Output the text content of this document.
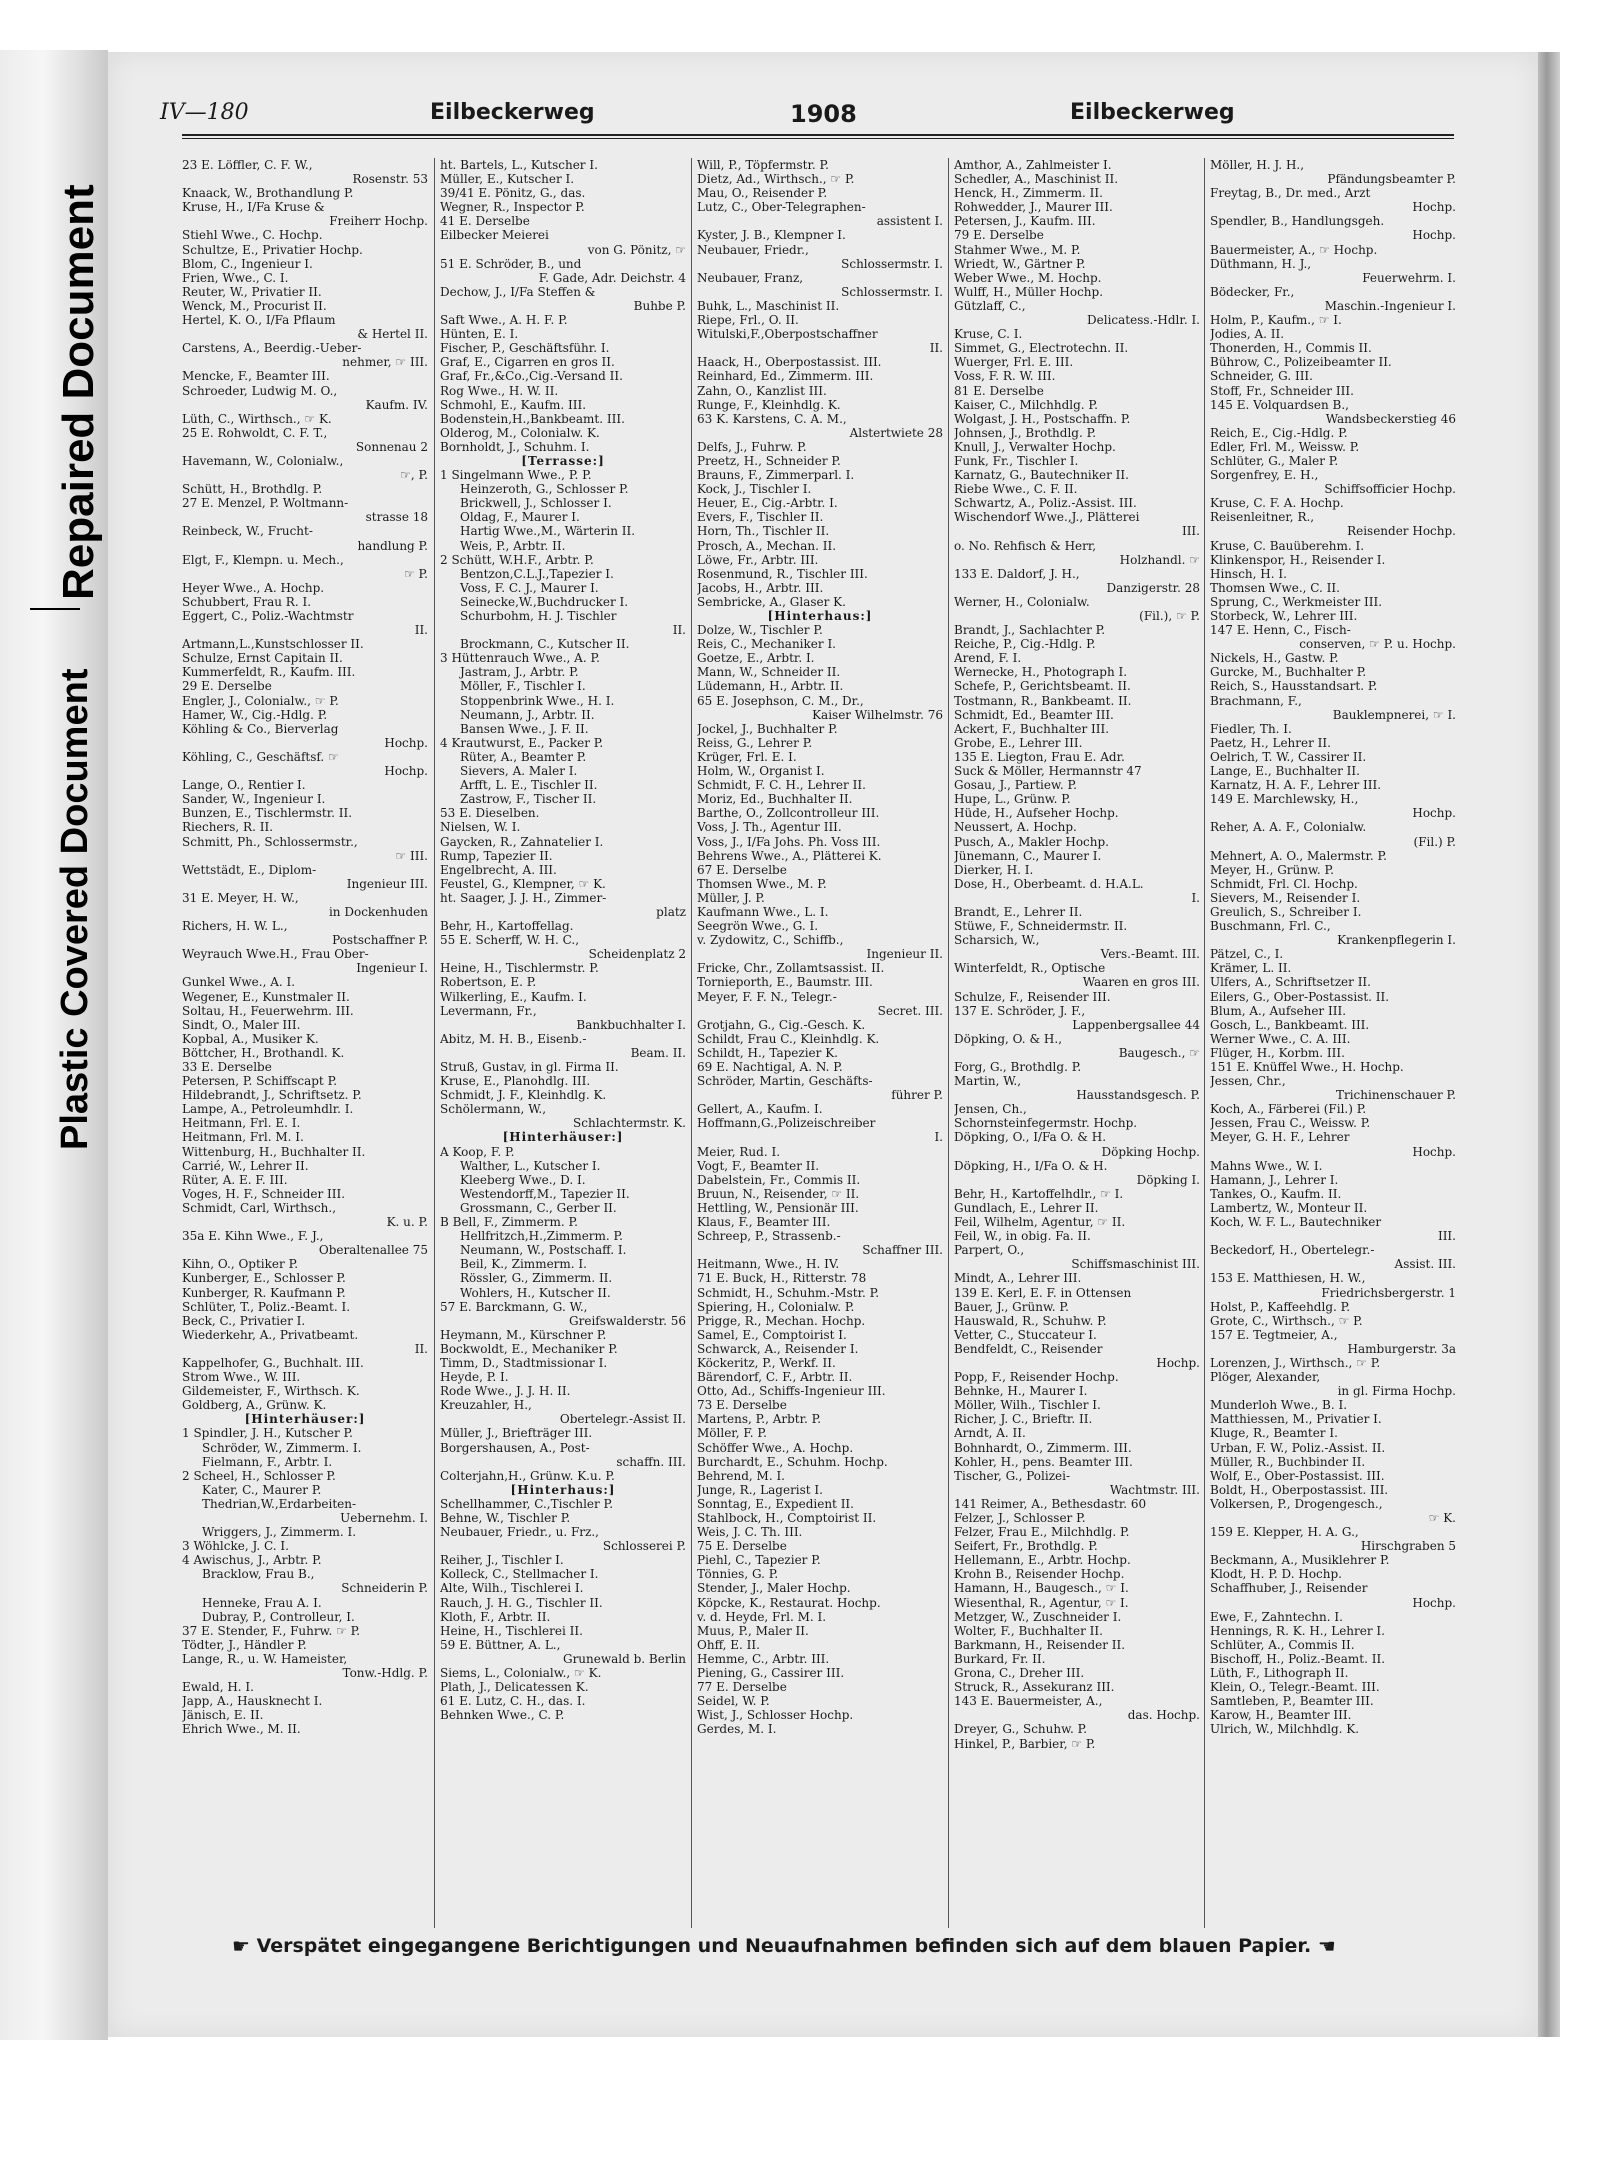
Repaired Document
Plastic Covered Document
IV—180	Eilbeckerweg	1908	Eilbeckerweg
23 E. Löffler, C. F. W.,
Rosenstr. 53
Knaack, W., Brothandlung P.
Kruse, H., I/Fa Kruse &
Freiherr Hochp.
Stiehl Wwe., C. Hochp.
Schultze, E., Privatier Hochp.
Blom, C., Ingenieur I.
Frien, Wwe., C. I.
Reuter, W., Privatier II.
Wenck, M., Procurist II.
Hertel, K. O., I/Fa Pflaum
& Hertel II.
Carstens, A., Beerdig.-Ueber-
nehmer, ☞ III.
Mencke, F., Beamter III.
Schroeder, Ludwig M. O.,
Kaufm. IV.
Lüth, C., Wirthsch., ☞ K.
25 E. Rohwoldt, C. F. T.,
Sonnenau 2
Havemann, W., Colonialw.,
☞, P.
Schütt, H., Brothdlg. P.
27 E. Menzel, P. Woltmann-
strasse 18
Reinbeck, W., Frucht-
handlung P.
Elgt, F., Klempn. u. Mech.,
☞ P.
Heyer Wwe., A. Hochp.
Schubbert, Frau R. I.
Eggert, C., Poliz.-Wachtmstr
II.
Artmann,L.,Kunstschlosser II.
Schulze, Ernst Capitain II.
Kummerfeldt, R., Kaufm. III.
29 E. Derselbe
Engler, J., Colonialw., ☞ P.
Hamer, W., Cig.-Hdlg. P.
Köhling & Co., Bierverlag
Hochp.
Köhling, C., Geschäftsf. ☞
Hochp.
Lange, O., Rentier I.
Sander, W., Ingenieur I.
Bunzen, E., Tischlermstr. II.
Riechers, R. II.
Schmitt, Ph., Schlossermstr.,
☞ III.
Wettstädt, E., Diplom-
Ingenieur III.
31 E. Meyer, H. W.,
in Dockenhuden
Richers, H. W. L.,
Postschaffner P.
Weyrauch Wwe.H., Frau Ober-
Ingenieur I.
Gunkel Wwe., A. I.
Wegener, E., Kunstmaler II.
Soltau, H., Feuerwehrm. III.
Sindt, O., Maler III.
Kopbal, A., Musiker K.
Böttcher, H., Brothandl. K.
33 E. Derselbe
Petersen, P. Schiffscapt P.
Hildebrandt, J., Schriftsetz. P.
Lampe, A., Petroleumhdlr. I.
Heitmann, Frl. E. I.
Heitmann, Frl. M. I.
Wittenburg, H., Buchhalter II.
Carrié, W., Lehrer II.
Rüter, A. E. F. III.
Voges, H. F., Schneider III.
Schmidt, Carl, Wirthsch.,
K. u. P.
35a E. Kihn Wwe., F. J.,
Oberaltenallee 75
Kihn, O., Optiker P.
Kunberger, E., Schlosser P.
Kunberger, R. Kaufmann P.
Schlüter, T., Poliz.-Beamt. I.
Beck, C., Privatier I.
Wiederkehr, A., Privatbeamt.
II.
Kappelhofer, G., Buchhalt. III.
Strom Wwe., W. III.
Gildemeister, F., Wirthsch. K.
Goldberg, A., Grünw. K.
[Hinterhäuser:]
1 Spindler, J. H., Kutscher P.
Schröder, W., Zimmerm. I.
Fielmann, F., Arbtr. I.
2 Scheel, H., Schlosser P.
Kater, C., Maurer P.
Thedrian,W.,Erdarbeiten-
Uebernehm. I.
Wriggers, J., Zimmerm. I.
3 Wöhlcke, J. C. I.
4 Awischus, J., Arbtr. P.
Bracklow, Frau B.,
Schneiderin P.
Henneke, Frau A. I.
Dubray, P., Controlleur, I.
37 E. Stender, F., Fuhrw. ☞ P.
Tödter, J., Händler P.
Lange, R., u. W. Hameister,
Tonw.-Hdlg. P.
Ewald, H. I.
Japp, A., Hausknecht I.
Jänisch, E. II.
Ehrich Wwe., M. II.
ht. Bartels, L., Kutscher I.
Müller, E., Kutscher I.
39/41 E. Pönitz, G., das.
Wegner, R., Inspector P.
41 E. Derselbe
Eilbecker Meierei
von G. Pönitz, ☞
51 E. Schröder, B., und
F. Gade, Adr. Deichstr. 4
Dechow, J., I/Fa Steffen &
Buhbe P.
Saft Wwe., A. H. F. P.
Hünten, E. I.
Fischer, P., Geschäftsführ. I.
Graf, E., Cigarren en gros II.
Graf, Fr.,&Co.,Cig.-Versand II.
Rog Wwe., H. W. II.
Schmohl, E., Kaufm. III.
Bodenstein,H.,Bankbeamt. III.
Olderog, M., Colonialw. K.
Bornholdt, J., Schuhm. I.
[Terrasse:]
1 Singelmann Wwe., P. P.
Heinzeroth, G., Schlosser P.
Brickwell, J., Schlosser I.
Oldag, F., Maurer I.
Hartig Wwe.,M., Wärterin II.
Weis, P., Arbtr. II.
2 Schütt, W.H.F., Arbtr. P.
Bentzon,C.L.J.,Tapezier I.
Voss, F. C. J., Maurer I.
Seinecke,W.,Buchdrucker I.
Schurbohm, H. J. Tischler
II.
Brockmann, C., Kutscher II.
3 Hüttenrauch Wwe., A. P.
Jastram, J., Arbtr. P.
Möller, F., Tischler I.
Stoppenbrink Wwe., H. I.
Neumann, J., Arbtr. II.
Bansen Wwe., J. F. II.
4 Krautwurst, E., Packer P.
Rüter, A., Beamter P.
Sievers, A. Maler I.
Arfft, L. E., Tischler II.
Zastrow, F., Tischer II.
53 E. Dieselben.
Nielsen, W. I.
Gaycken, R., Zahnatelier I.
Rump, Tapezier II.
Engelbrecht, A. III.
Feustel, G., Klempner, ☞ K.
ht. Saager, J. J. H., Zimmer-
platz
Behr, H., Kartoffellag.
55 E. Scherff, W. H. C.,
Scheidenplatz 2
Heine, H., Tischlermstr. P.
Robertson, E. P.
Wilkerling, E., Kaufm. I.
Levermann, Fr.,
Bankbuchhalter I.
Abitz, M. H. B., Eisenb.-
Beam. II.
Struß, Gustav, in gl. Firma II.
Kruse, E., Planohdlg. III.
Schmidt, J. F., Kleinhdlg. K.
Schölermann, W.,
Schlachtermstr. K.
[Hinterhäuser:]
A Koop, F. P.
Walther, L., Kutscher I.
Kleeberg Wwe., D. I.
Westendorff,M., Tapezier II.
Grossmann, C., Gerber II.
B Bell, F., Zimmerm. P.
Hellfritzch,H.,Zimmerm. P.
Neumann, W., Postschaff. I.
Beil, K., Zimmerm. I.
Rössler, G., Zimmerm. II.
Wohlers, H., Kutscher II.
57 E. Barckmann, G. W.,
Greifswalderstr. 56
Heymann, M., Kürschner P.
Bockwoldt, E., Mechaniker P.
Timm, D., Stadtmissionar I.
Heyde, P. I.
Rode Wwe., J. J. H. II.
Kreuzahler, H.,
Obertelegr.-Assist II.
Müller, J., Briefträger III.
Borgershausen, A., Post-
schaffn. III.
Colterjahn,H., Grünw. K.u. P.
[Hinterhaus:]
Schellhammer, C.,Tischler P.
Behne, W., Tischler P.
Neubauer, Friedr., u. Frz.,
Schlosserei P.
Reiher, J., Tischler I.
Kolleck, C., Stellmacher I.
Alte, Wilh., Tischlerei I.
Rauch, J. H. G., Tischler II.
Kloth, F., Arbtr. II.
Heine, H., Tischlerei II.
59 E. Büttner, A. L.,
Grunewald b. Berlin
Siems, L., Colonialw., ☞ K.
Plath, J., Delicatessen K.
61 E. Lutz, C. H., das. I.
Behnken Wwe., C. P.
Will, P., Töpfermstr. P.
Dietz, Ad., Wirthsch., ☞ P.
Mau, O., Reisender P.
Lutz, C., Ober-Telegraphen-
assistent I.
Kyster, J. B., Klempner I.
Neubauer, Friedr.,
Schlossermstr. I.
Neubauer, Franz,
Schlossermstr. I.
Buhk, L., Maschinist II.
Riepe, Frl., O. II.
Witulski,F.,Oberpostschaffner
II.
Haack, H., Oberpostassist. III.
Reinhard, Ed., Zimmerm. III.
Zahn, O., Kanzlist III.
Runge, F., Kleinhdlg. K.
63 K. Karstens, C. A. M.,
Alstertwiete 28
Delfs, J., Fuhrw. P.
Preetz, H., Schneider P.
Brauns, F., Zimmerparl. I.
Kock, J., Tischler I.
Heuer, E., Cig.-Arbtr. I.
Evers, F., Tischler II.
Horn, Th., Tischler II.
Prosch, A., Mechan. II.
Löwe, Fr., Arbtr. III.
Rosenmund, R., Tischler III.
Jacobs, H., Arbtr. III.
Sembricke, A., Glaser K.
[Hinterhaus:]
Dolze, W., Tischler P.
Reis, C., Mechaniker I.
Goetze, E., Arbtr. I.
Mann, W., Schneider II.
Lüdemann, H., Arbtr. II.
65 E. Josephson, C. M., Dr.,
Kaiser Wilhelmstr. 76
Jockel, J., Buchhalter P.
Reiss, G., Lehrer P.
Krüger, Frl. E. I.
Holm, W., Organist I.
Schmidt, F. C. H., Lehrer II.
Moriz, Ed., Buchhalter II.
Barthe, O., Zollcontrolleur III.
Voss, J. Th., Agentur III.
Voss, J., I/Fa Johs. Ph. Voss III.
Behrens Wwe., A., Plätterei K.
67 E. Derselbe
Thomsen Wwe., M. P.
Müller, J. P.
Kaufmann Wwe., L. I.
Seegrön Wwe., G. I.
v. Zydowitz, C., Schiffb.,
Ingenieur II.
Fricke, Chr., Zollamtsassist. II.
Tornieporth, E., Baumstr. III.
Meyer, F. F. N., Telegr.-
Secret. III.
Grotjahn, G., Cig.-Gesch. K.
Schildt, Frau C., Kleinhdlg. K.
Schildt, H., Tapezier K.
69 E. Nachtigal, A. N. P.
Schröder, Martin, Geschäfts-
führer P.
Gellert, A., Kaufm. I.
Hoffmann,G.,Polizeischreiber
I.
Meier, Rud. I.
Vogt, F., Beamter II.
Dabelstein, Fr., Commis II.
Bruun, N., Reisender, ☞ II.
Hettling, W., Pensionär III.
Klaus, F., Beamter III.
Schreep, P., Strassenb.-
Schaffner III.
Heitmann, Wwe., H. IV.
71 E. Buck, H., Ritterstr. 78
Schmidt, H., Schuhm.-Mstr. P.
Spiering, H., Colonialw. P.
Prigge, R., Mechan. Hochp.
Samel, E., Comptoirist I.
Schwarck, A., Reisender I.
Köckeritz, P., Werkf. II.
Bärendorf, C. F., Arbtr. II.
Otto, Ad., Schiffs-Ingenieur III.
73 E. Derselbe
Martens, P., Arbtr. P.
Möller, F. P.
Schöffer Wwe., A. Hochp.
Burchardt, E., Schuhm. Hochp.
Behrend, M. I.
Junge, R., Lagerist I.
Sonntag, E., Expedient II.
Stahlbock, H., Comptoirist II.
Weis, J. C. Th. III.
75 E. Derselbe
Piehl, C., Tapezier P.
Tönnies, G. P.
Stender, J., Maler Hochp.
Köpcke, K., Restaurat. Hochp.
v. d. Heyde, Frl. M. I.
Muus, P., Maler II.
Ohff, E. II.
Hemme, C., Arbtr. III.
Piening, G., Cassirer III.
77 E. Derselbe
Seidel, W. P.
Wist, J., Schlosser Hochp.
Gerdes, M. I.
Amthor, A., Zahlmeister I.
Schedler, A., Maschinist II.
Henck, H., Zimmerm. II.
Rohwedder, J., Maurer III.
Petersen, J., Kaufm. III.
79 E. Derselbe
Stahmer Wwe., M. P.
Wriedt, W., Gärtner P.
Weber Wwe., M. Hochp.
Wulff, H., Müller Hochp.
Gützlaff, C.,
Delicatess.-Hdlr. I.
Kruse, C. I.
Simmet, G., Electrotechn. II.
Wuerger, Frl. E. III.
Voss, F. R. W. III.
81 E. Derselbe
Kaiser, C., Milchhdlg. P.
Wolgast, J. H., Postschaffn. P.
Johnsen, J., Brothdlg. P.
Knull, J., Verwalter Hochp.
Funk, Fr., Tischler I.
Karnatz, G., Bautechniker II.
Riebe Wwe., C. F. II.
Schwartz, A., Poliz.-Assist. III.
Wischendorf Wwe.,J., Plätterei
III.
o. No. Rehfisch & Herr,
Holzhandl. ☞
133 E. Daldorf, J. H.,
Danzigerstr. 28
Werner, H., Colonialw.
(Fil.), ☞ P.
Brandt, J., Sachlachter P.
Reiche, P., Cig.-Hdlg. P.
Arend, F. I.
Wernecke, H., Photograph I.
Schefe, P., Gerichtsbeamt. II.
Tostmann, R., Bankbeamt. II.
Schmidt, Ed., Beamter III.
Ackert, F., Buchhalter III.
Grobe, E., Lehrer III.
135 E. Liegton, Frau E. Adr.
Suck & Möller, Hermannstr 47
Gosau, J., Partiew. P.
Hupe, L., Grünw. P.
Hüde, H., Aufseher Hochp.
Neussert, A. Hochp.
Pusch, A., Makler Hochp.
Jünemann, C., Maurer I.
Dierker, H. I.
Dose, H., Oberbeamt. d. H.A.L.
I.
Brandt, E., Lehrer II.
Stüwe, F., Schneidermstr. II.
Scharsich, W.,
Vers.-Beamt. III.
Winterfeldt, R., Optische
Waaren en gros III.
Schulze, F., Reisender III.
137 E. Schröder, J. F.,
Lappenbergsallee 44
Döpking, O. & H.,
Baugesch., ☞
Forg, G., Brothdlg. P.
Martin, W.,
Hausstandsgesch. P.
Jensen, Ch.,
Schornsteinfegermstr. Hochp.
Döpking, O., I/Fa O. & H.
Döpking Hochp.
Döpking, H., I/Fa O. & H.
Döpking I.
Behr, H., Kartoffelhdlr., ☞ I.
Gundlach, E., Lehrer II.
Feil, Wilhelm, Agentur, ☞ II.
Feil, W., in obig. Fa. II.
Parpert, O.,
Schiffsmaschinist III.
Mindt, A., Lehrer III.
139 E. Kerl, E. F. in Ottensen
Bauer, J., Grünw. P.
Hauswald, R., Schuhw. P.
Vetter, C., Stuccateur I.
Bendfeldt, C., Reisender
Hochp.
Popp, F., Reisender Hochp.
Behnke, H., Maurer I.
Möller, Wilh., Tischler I.
Richer, J. C., Brieftr. II.
Arndt, A. II.
Bohnhardt, O., Zimmerm. III.
Kohler, H., pens. Beamter III.
Tischer, G., Polizei-
Wachtmstr. III.
141 Reimer, A., Bethesdastr. 60
Felzer, J., Schlosser P.
Felzer, Frau E., Milchhdlg. P.
Seifert, Fr., Brothdlg. P.
Hellemann, E., Arbtr. Hochp.
Krohn B., Reisender Hochp.
Hamann, H., Baugesch., ☞ I.
Wiesenthal, R., Agentur, ☞ I.
Metzger, W., Zuschneider I.
Wolter, F., Buchhalter II.
Barkmann, H., Reisender II.
Burkard, Fr. II.
Grona, C., Dreher III.
Struck, R., Assekuranz III.
143 E. Bauermeister, A.,
das. Hochp.
Dreyer, G., Schuhw. P.
Hinkel, P., Barbier, ☞ P.
Möller, H. J. H.,
Pfändungsbeamter P.
Freytag, B., Dr. med., Arzt
Hochp.
Spendler, B., Handlungsgeh.
Hochp.
Bauermeister, A., ☞ Hochp.
Düthmann, H. J.,
Feuerwehrm. I.
Bödecker, Fr.,
Maschin.-Ingenieur I.
Holm, P., Kaufm., ☞ I.
Jodies, A. II.
Thonerden, H., Commis II.
Bührow, C., Polizeibeamter II.
Schneider, G. III.
Stoff, Fr., Schneider III.
145 E. Volquardsen B.,
Wandsbeckerstieg 46
Reich, E., Cig.-Hdlg. P.
Edler, Frl. M., Weissw. P.
Schlüter, G., Maler P.
Sorgenfrey, E. H.,
Schiffsofficier Hochp.
Kruse, C. F. A. Hochp.
Reisenleitner, R.,
Reisender Hochp.
Kruse, C. Bauüberehm. I.
Klinkenspor, H., Reisender I.
Hinsch, H. I.
Thomsen Wwe., C. II.
Sprung, C., Werkmeister III.
Storbeck, W., Lehrer III.
147 E. Henn, C., Fisch-
conserven, ☞ P. u. Hochp.
Nickels, H., Gastw. P.
Gurcke, M., Buchhalter P.
Reich, S., Hausstandsart. P.
Brachmann, F.,
Bauklempnerei, ☞ I.
Fiedler, Th. I.
Paetz, H., Lehrer II.
Oelrich, T. W., Cassirer II.
Lange, E., Buchhalter II.
Karnatz, H. A. F., Lehrer III.
149 E. Marchlewsky, H.,
Hochp.
Reher, A. A. F., Colonialw.
(Fil.) P.
Mehnert, A. O., Malermstr. P.
Meyer, H., Grünw. P.
Schmidt, Frl. Cl. Hochp.
Sievers, M., Reisender I.
Greulich, S., Schreiber I.
Buschmann, Frl. C.,
Krankenpflegerin I.
Pätzel, C., I.
Krämer, L. II.
Ulfers, A., Schriftsetzer II.
Eilers, G., Ober-Postassist. II.
Blum, A., Aufseher III.
Gosch, L., Bankbeamt. III.
Werner Wwe., C. A. III.
Flüger, H., Korbm. III.
151 E. Knüffel Wwe., H. Hochp.
Jessen, Chr.,
Trichinenschauer P.
Koch, A., Färberei (Fil.) P.
Jessen, Frau C., Weissw. P.
Meyer, G. H. F., Lehrer
Hochp.
Mahns Wwe., W. I.
Hamann, J., Lehrer I.
Tankes, O., Kaufm. II.
Lambertz, W., Monteur II.
Koch, W. F. L., Bautechniker
III.
Beckedorf, H., Obertelegr.-
Assist. III.
153 E. Matthiesen, H. W.,
Friedrichsbergerstr. 1
Holst, P., Kaffeehdlg. P.
Grote, C., Wirthsch., ☞ P.
157 E. Tegtmeier, A.,
Hamburgerstr. 3a
Lorenzen, J., Wirthsch., ☞ P.
Plöger, Alexander,
in gl. Firma Hochp.
Munderloh Wwe., B. I.
Matthiessen, M., Privatier I.
Kluge, R., Beamter I.
Urban, F. W., Poliz.-Assist. II.
Müller, R., Buchbinder II.
Wolf, E., Ober-Postassist. III.
Boldt, H., Oberpostassist. III.
Volkersen, P., Drogengesch.,
☞ K.
159 E. Klepper, H. A. G.,
Hirschgraben 5
Beckmann, A., Musiklehrer P.
Klodt, H. P. D. Hochp.
Schaffhuber, J., Reisender
Hochp.
Ewe, F., Zahntechn. I.
Hennings, R. K. H., Lehrer I.
Schlüter, A., Commis II.
Bischoff, H., Poliz.-Beamt. II.
Lüth, F., Lithograph II.
Klein, O., Telegr.-Beamt. III.
Samtleben, P., Beamter III.
Karow, H., Beamter III.
Ulrich, W., Milchhdlg. K.
☛ Verspätet eingegangene Berichtigungen und Neuaufnahmen befinden sich auf dem blauen Papier. ☚
